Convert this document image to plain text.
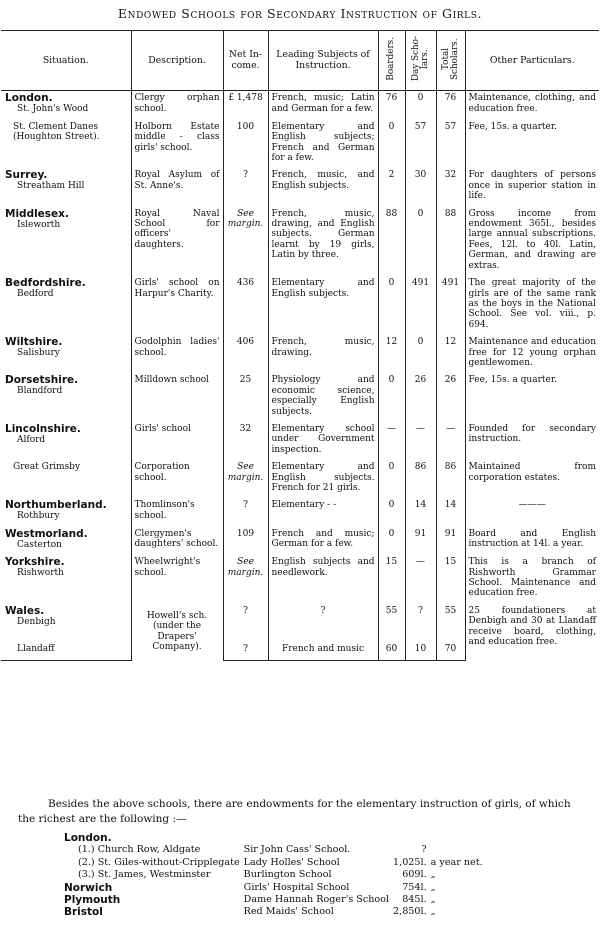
Endowed Schools for Secondary Instruction of Girls.
Situation.	Description.	Net In-come.	Leading Subjects of Instruction.	Boarders.	Day Scho-lars.	Total Scholars.	Other Particulars.

London.
St. John's Wood	Clergy orphan school.	£ 1,478	French, music; Latin and German for a few.	76	0	76	Maintenance, clothing, and education free.

St. Clement Danes (Houghton Street).	Holborn Estate middle - class girls' school.	100	Elementary and English subjects; French and German for a few.	0	57	57	Fee, 15s. a quarter.

Surrey.
Streatham Hill	Royal Asylum of St. Anne's.	?	French, music, and English subjects.	2	30	32	For daughters of persons once in superior station in life.

Middlesex.
Isleworth	Royal Naval School for officers' daughters.	See margin.	French, music, drawing, and English subjects. German learnt by 19 girls, Latin by three.	88	0	88	Gross income from endowment 365l., besides large annual subscriptions. Fees, 12l. to 40l. Latin, German, and drawing are extras.

Bedfordshire.
Bedford	Girls' school on Harpur's Charity.	436	Elementary and English subjects.	0	491	491	The great majority of the girls are of the same rank as the boys in the National School. See vol. viii., p. 694.

Wiltshire.
Salisbury	Godolphin ladies' school.	406	French, music, drawing.	12	0	12	Maintenance and education free for 12 young orphan gentlewomen.

Dorsetshire.
Blandford	Milldown school	25	Physiology and economic science, especially English subjects.	0	26	26	Fee, 15s. a quarter.

Lincolnshire.
Alford	Girls' school	32	Elementary school under Government inspection.	—	—	—	Founded for secondary instruction.

Great Grimsby	Corporation school.	See margin.	Elementary and English subjects. French for 21 girls.	0	86	86	Maintained from corporation estates.

Northumberland.
Rothbury	Thomlinson's school.	?	Elementary - -	0	14	14	———

Westmorland.
Casterton	Clergymen's daughters' school.	109	French and music; German for a few.	0	91	91	Board and English instruction at 14l. a year.

Yorkshire.
Rishworth	Wheelwright's school.	See margin.	English subjects and needlework.	15	—	15	This is a branch of Rishworth Grammar School. Maintenance and education free.

Wales.
Denbigh	Howell's sch. (under the Drapers' Company).	?	?	55	?	55	25 foundationers at Denbigh and 30 at Llandaff receive board, clothing, and education free.

Llandaff		?	French and music	60	10	70	

Besides the above schools, there are endowments for the elementary instruction of girls, of which the richest are the following :—

London.			
(1.) Church Row, Aldgate	Sir John Cass' School.	?	
(2.) St. Giles-without-Cripplegate	Lady Holles' School	1,025l.	a year net.
(3.) St. James, Westminster	Burlington School	609l.	„
Norwich	Girls' Hospital School	754l.	„
Plymouth	Dame Hannah Roger's School	845l.	„
Bristol	Red Maids' School	2,850l.	„
